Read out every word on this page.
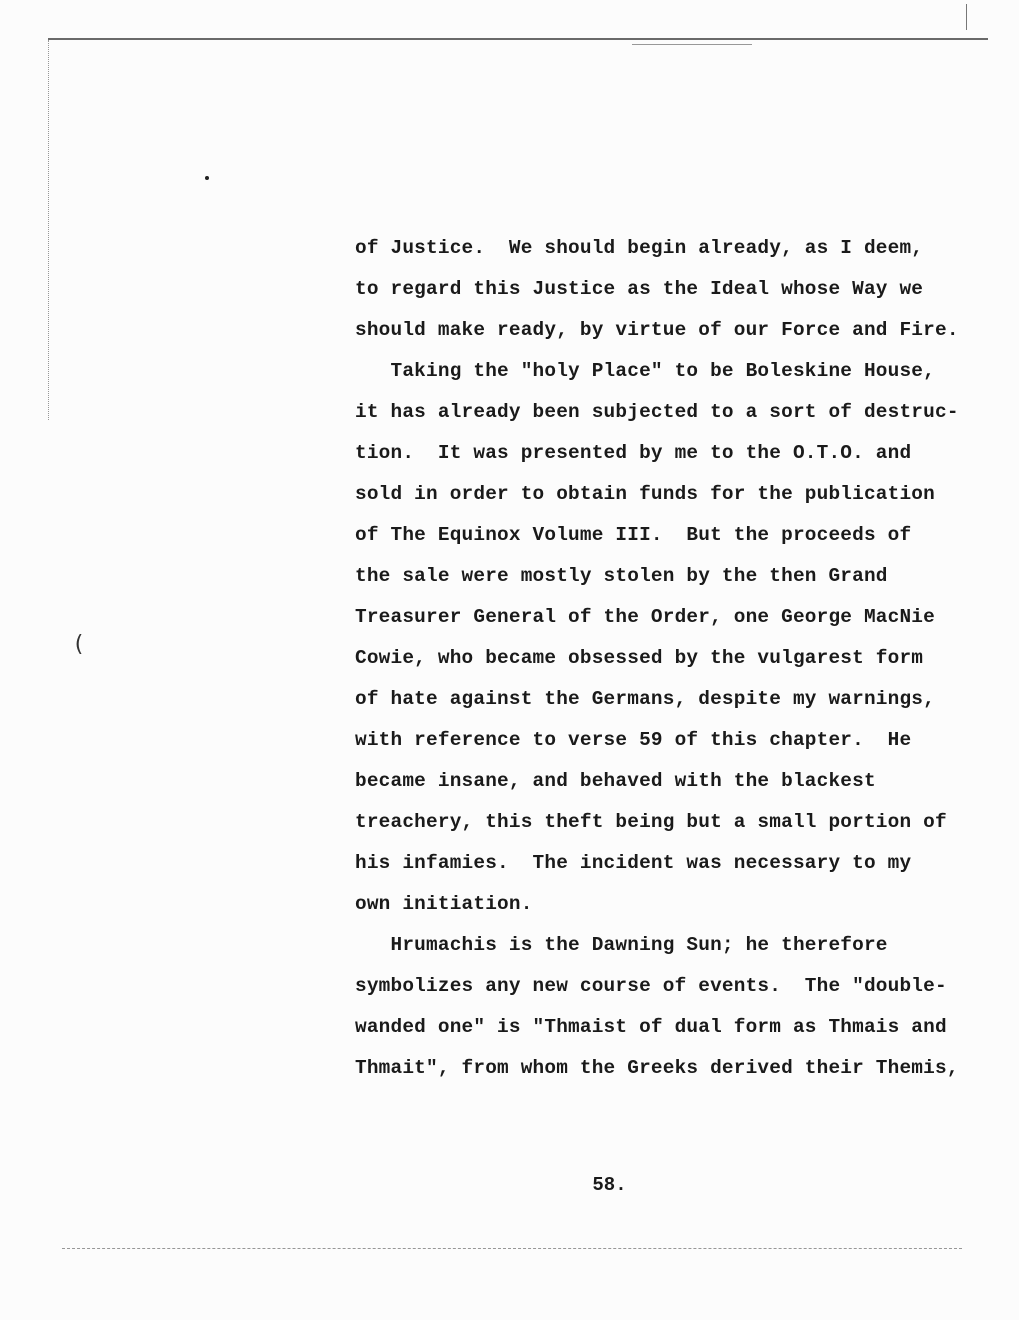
(

of Justice.  We should begin already, as I deem,

to regard this Justice as the Ideal whose Way we

should make ready, by virtue of our Force and Fire.

Taking the "holy Place" to be Boleskine House,

it has already been subjected to a sort of destruc-

tion.  It was presented by me to the O.T.O. and

sold in order to obtain funds for the publication

of The Equinox Volume III.  But the proceeds of

the sale were mostly stolen by the then Grand

Treasurer General of the Order, one George MacNie

Cowie, who became obsessed by the vulgarest form

of hate against the Germans, despite my warnings,

with reference to verse 59 of this chapter.  He

became insane, and behaved with the blackest

treachery, this theft being but a small portion of

his infamies.  The incident was necessary to my

own initiation.

Hrumachis is the Dawning Sun; he therefore

symbolizes any new course of events.  The "double-

wanded one" is "Thmaist of dual form as Thmais and

Thmait", from whom the Greeks derived their Themis,

58.
